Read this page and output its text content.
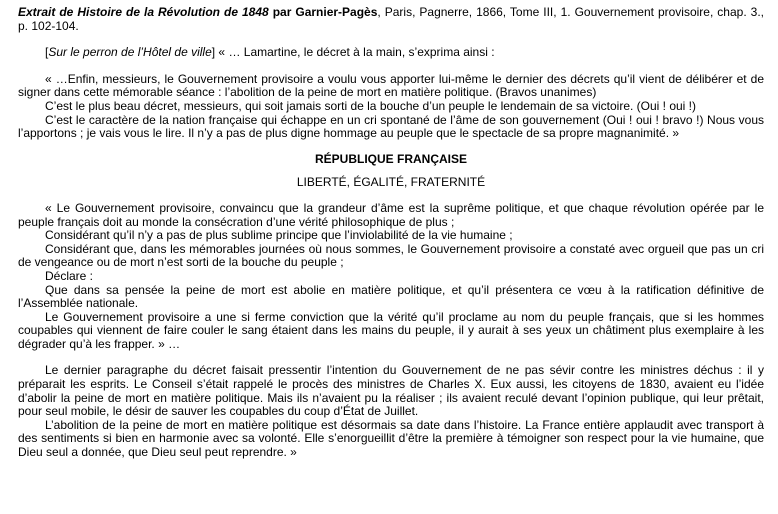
Extrait de Histoire de la Révolution de 1848 par Garnier-Pagès, Paris, Pagnerre, 1866, Tome III, 1. Gouvernement provisoire, chap. 3., p. 102-104.

[Sur le perron de l’Hôtel de ville] « … Lamartine, le décret à la main, s’exprima ainsi :

« …Enfin, messieurs, le Gouvernement provisoire a voulu vous apporter lui-même le dernier des décrets qu’il vient de délibérer et de signer dans cette mémorable séance : l’abolition de la peine de mort en matière politique. (Bravos unanimes)

C’est le plus beau décret, messieurs, qui soit jamais sorti de la bouche d’un peuple le lendemain de sa victoire. (Oui ! oui !)

C’est le caractère de la nation française qui échappe en un cri spontané de l’âme de son gouvernement (Oui ! oui ! bravo !) Nous vous l’apportons ; je vais vous le lire. Il n’y a pas de plus digne hommage au peuple que le spectacle de sa propre magnanimité. »

RÉPUBLIQUE FRANÇAISE

LIBERTÉ, ÉGALITÉ, FRATERNITÉ

« Le Gouvernement provisoire, convaincu que la grandeur d’âme est la suprême politique, et que chaque révolution opérée par le peuple français doit au monde la consécration d’une vérité philosophique de plus ;

Considérant qu’il n’y a pas de plus sublime principe que l’inviolabilité de la vie humaine ;

Considérant que, dans les mémorables journées où nous sommes, le Gouvernement provisoire a constaté avec orgueil que pas un cri de vengeance ou de mort n’est sorti de la bouche du peuple ;

Déclare :

Que dans sa pensée la peine de mort est abolie en matière politique, et qu’il présentera ce vœu à la ratification définitive de l’Assemblée nationale.

Le Gouvernement provisoire a une si ferme conviction que la vérité qu’il proclame au nom du peuple français, que si les hommes coupables qui viennent de faire couler le sang étaient dans les mains du peuple, il y aurait à ses yeux un châtiment plus exemplaire à les dégrader qu’à les frapper. » …

Le dernier paragraphe du décret faisait pressentir l’intention du Gouvernement de ne pas sévir contre les ministres déchus : il y préparait les esprits. Le Conseil s’était rappelé le procès des ministres de Charles X. Eux aussi, les citoyens de 1830, avaient eu l’idée d’abolir la peine de mort en matière politique. Mais ils n’avaient pu la réaliser ; ils avaient reculé devant l’opinion publique, qui leur prêtait, pour seul mobile, le désir de sauver les coupables du coup d’État de Juillet.

L’abolition de la peine de mort en matière politique est désormais sa date dans l’histoire. La France entière applaudit avec transport à des sentiments si bien en harmonie avec sa volonté. Elle s’enorgueillit d’être la première à témoigner son respect pour la vie humaine, que Dieu seul a donnée, que Dieu seul peut reprendre. »
